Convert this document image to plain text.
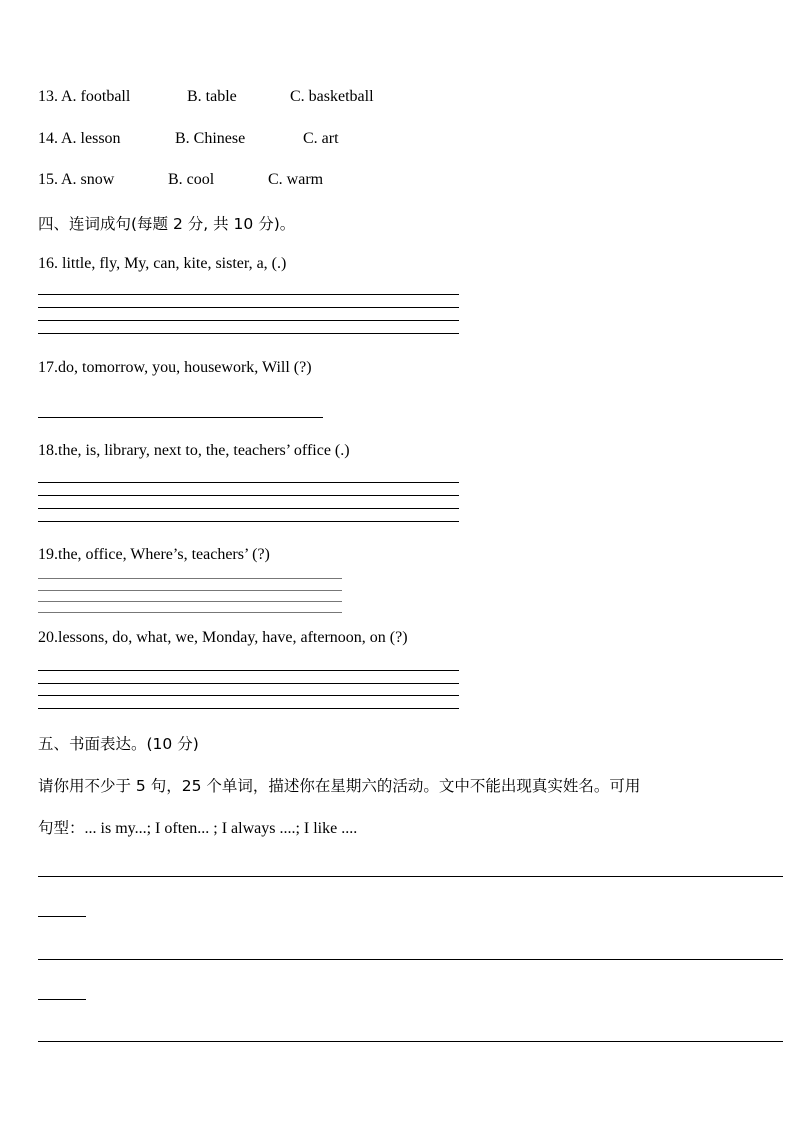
13. A. football	B. table	C. basketball
14. A. lesson	B. Chinese	C. art
15. A. snow	B. cool	C. warm
四、连词成句(每题 2 分, 共 10 分)。
16. little, fly, My, can, kite, sister, a, (.)
17.do, tomorrow, you, housework, Will (?)
18.the, is, library, next to, the, teachers’ office (.)
19.the, office, Where’s, teachers’ (?)
20.lessons, do, what, we, Monday, have, afternoon, on (?)
五、书面表达。(10 分)
请你用不少于 5 句，25 个单词，描述你在星期六的活动。文中不能出现真实姓名。可用
句型：... is my...; I often... ; I always ....; I like ....
